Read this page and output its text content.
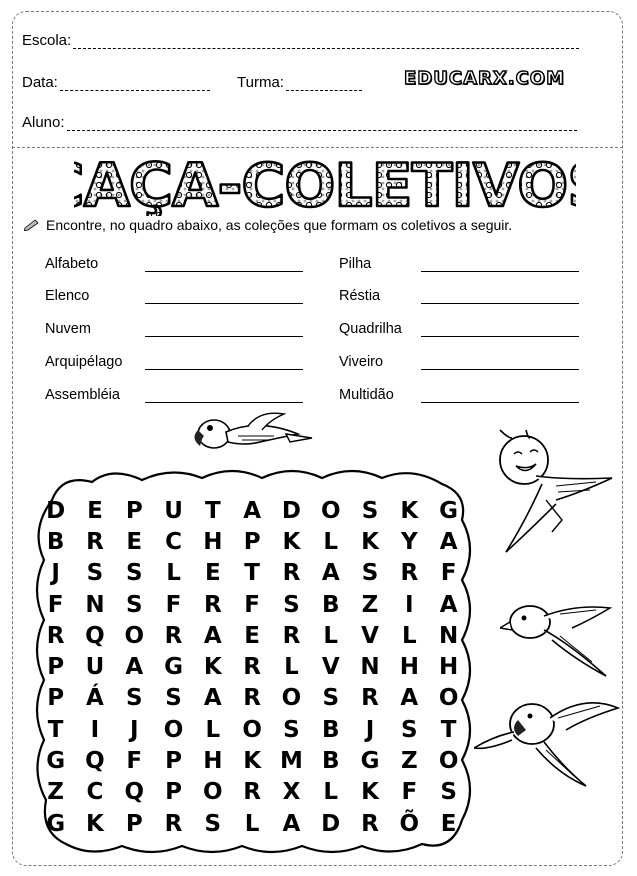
Escola:
Data:	Turma:	EDUCARX.COM
Aluno:
AÇA-COLETIVO
AÇA-COLETIVO
Encontre, no quadro abaixo, as coleções que formam os coletivos a seguir.
Alfabeto
Elenco
Nuvem
Arquipélago
Assembléia
Pilha
Réstia
Quadrilha
Viveiro
Multidão
D E	P U T A D O S K G
B R E	C H P K	L	K Y A
J	S S	L	E	T R A S R F
F N S	F R F	S B Z	I	A
R Q O R A E R	L	V	L N
P U A G K R	L	V N H H
P Á S S A R O S R A O
T	I	J	O L O S B	J	S	T
G Q F	P H K M B G Z O
Z C Q P O R X	L	K F	S
G K P R S	L	A D R Õ E
